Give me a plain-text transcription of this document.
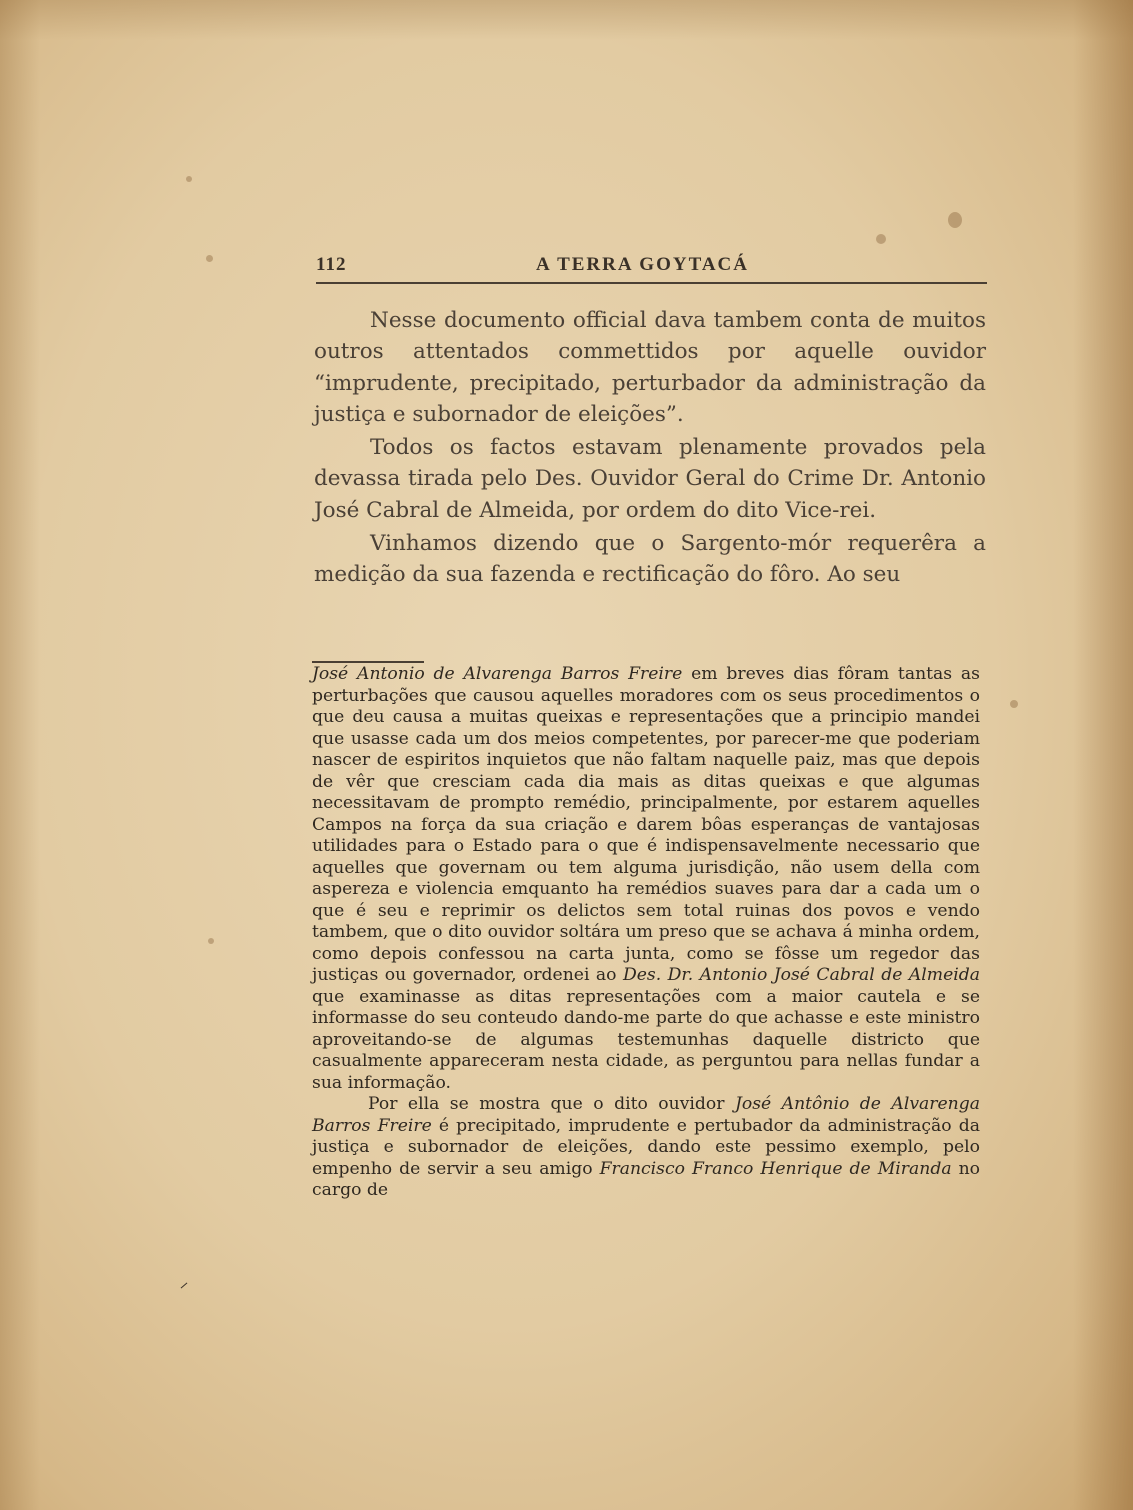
112	A TERRA GOYTACÁ

Nesse documento official dava tambem conta de muitos outros attentados commettidos por aquelle ouvidor “imprudente, precipitado, perturbador da administração da justiça e subornador de eleições”.

Todos os factos estavam plenamente provados pela devassa tirada pelo Des. Ouvidor Geral do Crime Dr. Antonio José Cabral de Almeida, por ordem do dito Vice-rei.

Vinhamos dizendo que o Sargento-mór requerêra a medição da sua fazenda e rectificação do fôro. Ao seu

José Antonio de Alvarenga Barros Freire em breves dias fôram tantas as perturbações que causou aquelles moradores com os seus procedimentos o que deu causa a muitas queixas e representações que a principio mandei que usasse cada um dos meios competentes, por parecer-me que poderiam nascer de espiritos inquietos que não faltam naquelle paiz, mas que depois de vêr que cresciam cada dia mais as ditas queixas e que algumas necessitavam de prompto remédio, principalmente, por estarem aquelles Campos na força da sua criação e darem bôas esperanças de vantajosas utilidades para o Estado para o que é indispensavelmente necessario que aquelles que governam ou tem alguma jurisdição, não usem della com aspereza e violencia emquanto ha remédios suaves para dar a cada um o que é seu e reprimir os delictos sem total ruinas dos povos e vendo tambem, que o dito ouvidor soltára um preso que se achava á minha ordem, como depois confessou na carta junta, como se fôsse um regedor das justiças ou governador, ordenei ao Des. Dr. Antonio José Cabral de Almeida que examinasse as ditas representações com a maior cautela e se informasse do seu conteudo dando-me parte do que achasse e este ministro aproveitando-se de algumas testemunhas daquelle districto que casualmente appareceram nesta cidade, as perguntou para nellas fundar a sua informação.

Por ella se mostra que o dito ouvidor José Antônio de Alvarenga Barros Freire é precipitado, imprudente e pertubador da administração da justiça e subornador de eleições, dando este pessimo exemplo, pelo empenho de servir a seu amigo Francisco Franco Henrique de Miranda no cargo de
